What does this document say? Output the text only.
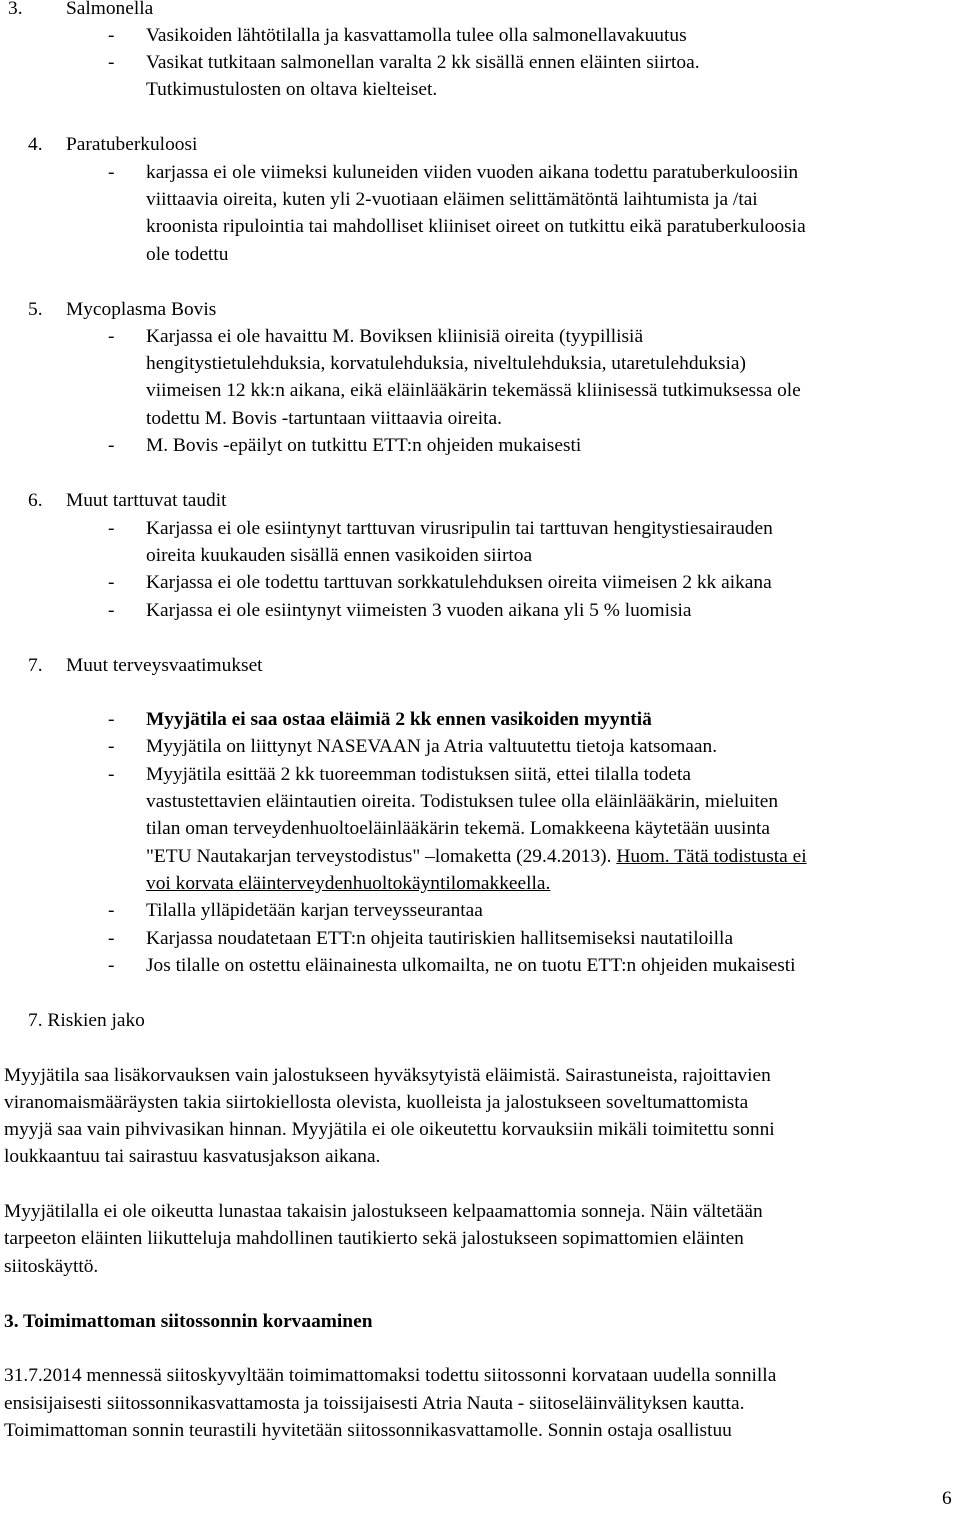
3. Salmonella
- Vasikoiden lähtötilalla ja kasvattamolla tulee olla salmonellavakuutus
- Vasikat tutkitaan salmonellan varalta 2 kk sisällä ennen eläinten siirtoa.
Tutkimustulosten on oltava kielteiset.
4. Paratuberkuloosi
- karjassa ei ole viimeksi kuluneiden viiden vuoden aikana todettu paratuberkuloosiin
viittaavia oireita, kuten yli 2-vuotiaan eläimen selittämätöntä laihtumista ja /tai
kroonista ripulointia tai mahdolliset kliiniset oireet on tutkittu eikä paratuberkuloosia
ole todettu
5. Mycoplasma Bovis
- Karjassa ei ole havaittu M. Boviksen kliinisiä oireita (tyypillisiä
hengitystietulehduksia, korvatulehduksia, niveltulehduksia, utaretulehduksia)
viimeisen 12 kk:n aikana, eikä eläinlääkärin tekemässä kliinisessä tutkimuksessa ole
todettu M. Bovis -tartuntaan viittaavia oireita.
- M. Bovis -epäilyt on tutkittu ETT:n ohjeiden mukaisesti
6. Muut tarttuvat taudit
- Karjassa ei ole esiintynyt tarttuvan virusripulin tai tarttuvan hengitystiesairauden
oireita kuukauden sisällä ennen vasikoiden siirtoa
- Karjassa ei ole todettu tarttuvan sorkkatulehduksen oireita viimeisen 2 kk aikana
- Karjassa ei ole esiintynyt viimeisten 3 vuoden aikana yli 5 % luomisia
7. Muut terveysvaatimukset
- Myyjätila ei saa ostaa eläimiä 2 kk ennen vasikoiden myyntiä
- Myyjätila on liittynyt NASEVAAN ja Atria valtuutettu tietoja katsomaan.
- Myyjätila esittää 2 kk tuoreemman todistuksen siitä, ettei tilalla todeta
vastustettavien eläintautien oireita. Todistuksen tulee olla eläinlääkärin, mieluiten
tilan oman terveydenhuoltoeläinlääkärin tekemä. Lomakkeena käytetään uusinta
"ETU Nautakarjan terveystodistus" –lomaketta (29.4.2013). Huom. Tätä todistusta ei
voi korvata eläinterveydenhuoltokäyntilomakkeella.
- Tilalla ylläpidetään karjan terveysseurantaa
- Karjassa noudatetaan ETT:n ohjeita tautiriskien hallitsemiseksi nautatiloilla
- Jos tilalle on ostettu eläinainesta ulkomailta, ne on tuotu ETT:n ohjeiden mukaisesti
7. Riskien jako
Myyjätila saa lisäkorvauksen vain jalostukseen hyväksytyistä eläimistä. Sairastuneista, rajoittavien
viranomaismääräysten takia siirtokiellosta olevista, kuolleista ja jalostukseen soveltumattomista
myyjä saa vain pihvivasikan hinnan. Myyjätila ei ole oikeutettu korvauksiin mikäli toimitettu sonni
loukkaantuu tai sairastuu kasvatusjakson aikana.
Myyjätilalla ei ole oikeutta lunastaa takaisin jalostukseen kelpaamattomia sonneja. Näin vältetään
tarpeeton eläinten liikutteluja mahdollinen tautikierto sekä jalostukseen sopimattomien eläinten
siitoskäyttö.
3. Toimimattoman siitossonnin korvaaminen
31.7.2014 mennessä siitoskyvyltään toimimattomaksi todettu siitossonni korvataan uudella sonnilla
ensisijaisesti siitossonnikasvattamosta ja toissijaisesti Atria Nauta - siitoseläinvälityksen kautta.
Toimimattoman sonnin teurastili hyvitetään siitossonnikasvattamolle. Sonnin ostaja osallistuu
6
